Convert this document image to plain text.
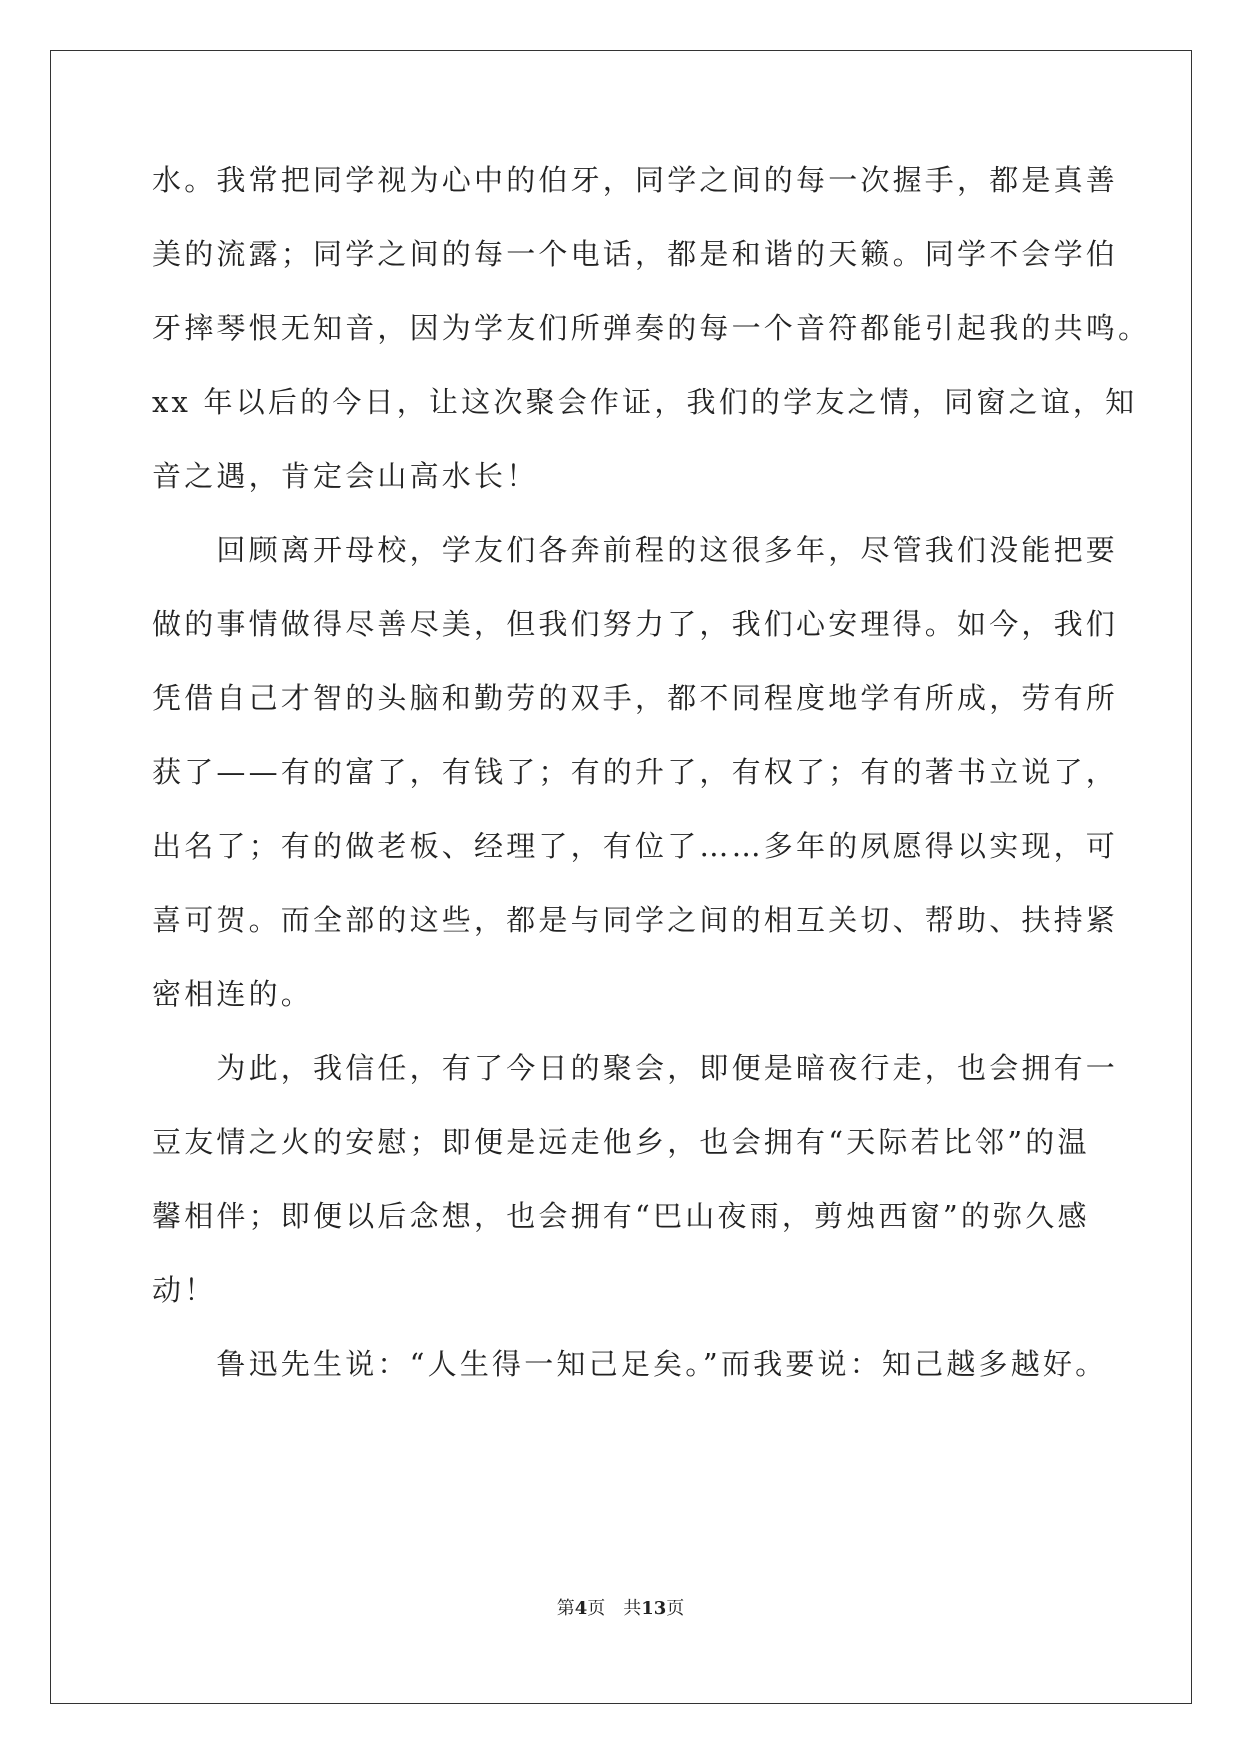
水。我常把同学视为心中的伯牙，同学之间的每一次握手，都是真善
美的流露；同学之间的每一个电话，都是和谐的天籁。同学不会学伯
牙摔琴恨无知音，因为学友们所弹奏的每一个音符都能引起我的共鸣。
xx 年以后的今日，让这次聚会作证，我们的学友之情，同窗之谊，知
音之遇，肯定会山高水长！
　　回顾离开母校，学友们各奔前程的这很多年，尽管我们没能把要
做的事情做得尽善尽美，但我们努力了，我们心安理得。如今，我们
凭借自己才智的头脑和勤劳的双手，都不同程度地学有所成，劳有所
获了——有的富了，有钱了；有的升了，有权了；有的著书立说了，
出名了；有的做老板、经理了，有位了……多年的夙愿得以实现，可
喜可贺。而全部的这些，都是与同学之间的相互关切、帮助、扶持紧
密相连的。
　　为此，我信任，有了今日的聚会，即便是暗夜行走，也会拥有一
豆友情之火的安慰；即便是远走他乡，也会拥有“天际若比邻”的温
馨相伴；即便以后念想，也会拥有“巴山夜雨，剪烛西窗”的弥久感
动！
　　鲁迅先生说：“人生得一知己足矣。”而我要说：知己越多越好。
第4页 共13页
